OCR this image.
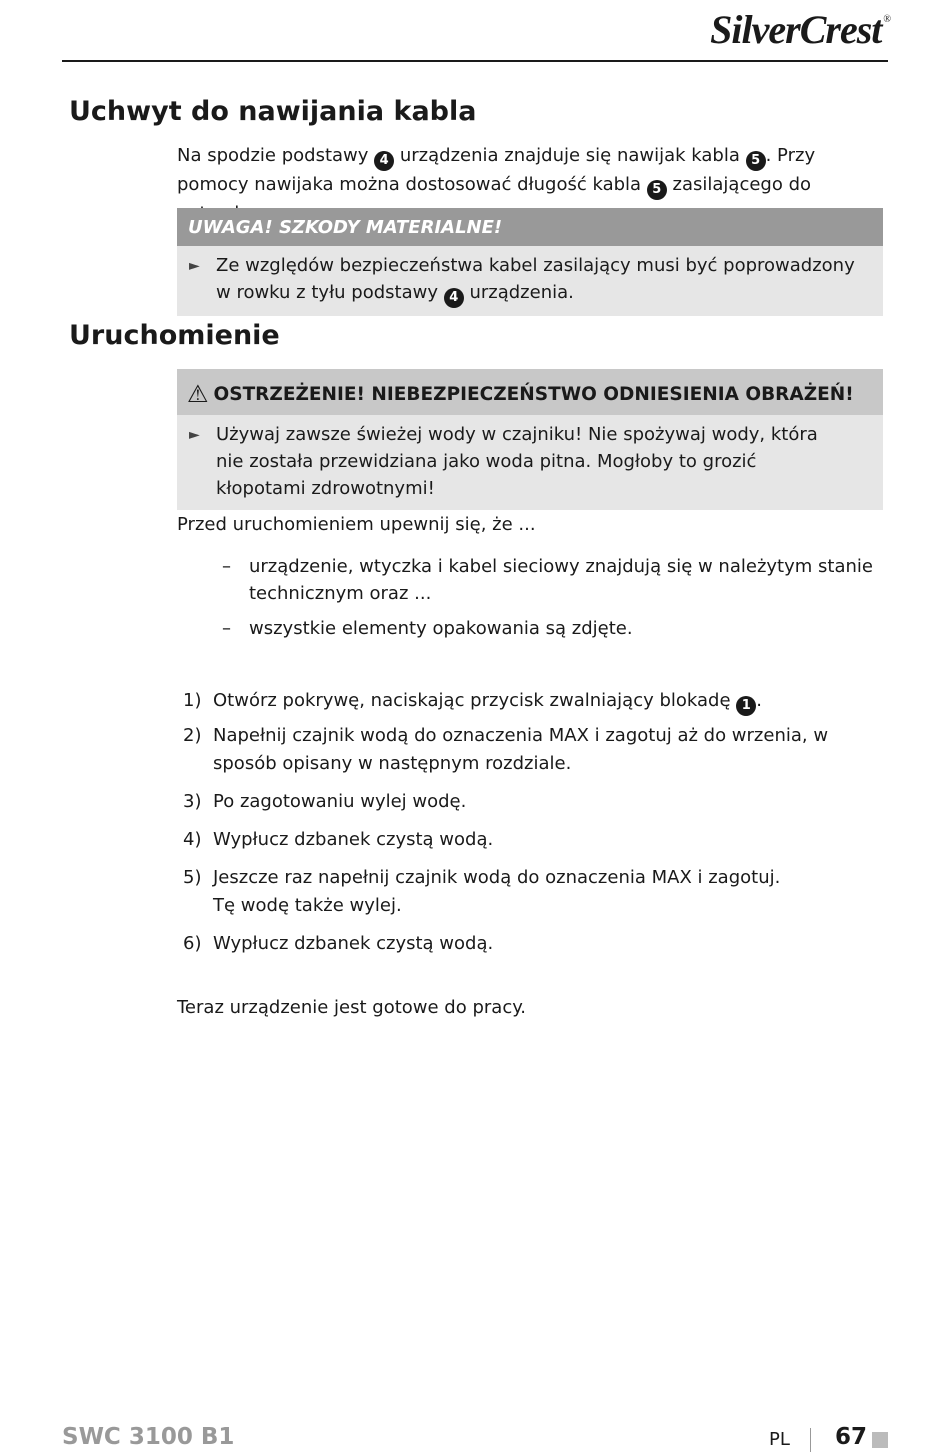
SilverCrest ®
Uchwyt do nawijania kabla

Na spodzie podstawy 4 urządzenia znajduje się nawijak kabla 5 . Przy pomocy nawijaka można dostosować długość kabla 5 zasilającego do

UWAGA! SZKODY MATERIALNE!
► Ze względów bezpieczeństwa kabel zasilający musi być poprowadzony w rowku z tyłu podstawy 4 urządzenia.
Uruchomienie
⚠ OSTRZEŻENIE! NIEBEZPIECZEŃSTWO ODNIESIENIA OBRAŻEŃ!
► Używaj zawsze świeżej wody w czajniku! Nie spożywaj wody, która nie została przewidziana jako woda pitna. Mogłoby to grozić kłopotami zdrowotnymi!

Przed uruchomieniem upewnij się, że ...

– urządzenie, wtyczka i kabel sieciowy znajdują się w należytym stanie technicznym oraz ...
– wszystkie elementy opakowania są zdjęte.
1) Otwórz pokrywę, naciskając przycisk zwalniający blokadę 1 .
2) Napełnij czajnik wodą do oznaczenia MAX i zagotuj aż do wrzenia, w sposób opisany w następnym rozdziale.
3) Po zagotowaniu wylej wodę.
4) Wypłucz dzbanek czystą wodą.
5) Jeszcze raz napełnij czajnik wodą do oznaczenia MAX i zagotuj.
Tę wodę także wylej.
6) Wypłucz dzbanek czystą wodą.

Teraz urządzenie jest gotowe do pracy.

SWC 3100 B1	PL 67
